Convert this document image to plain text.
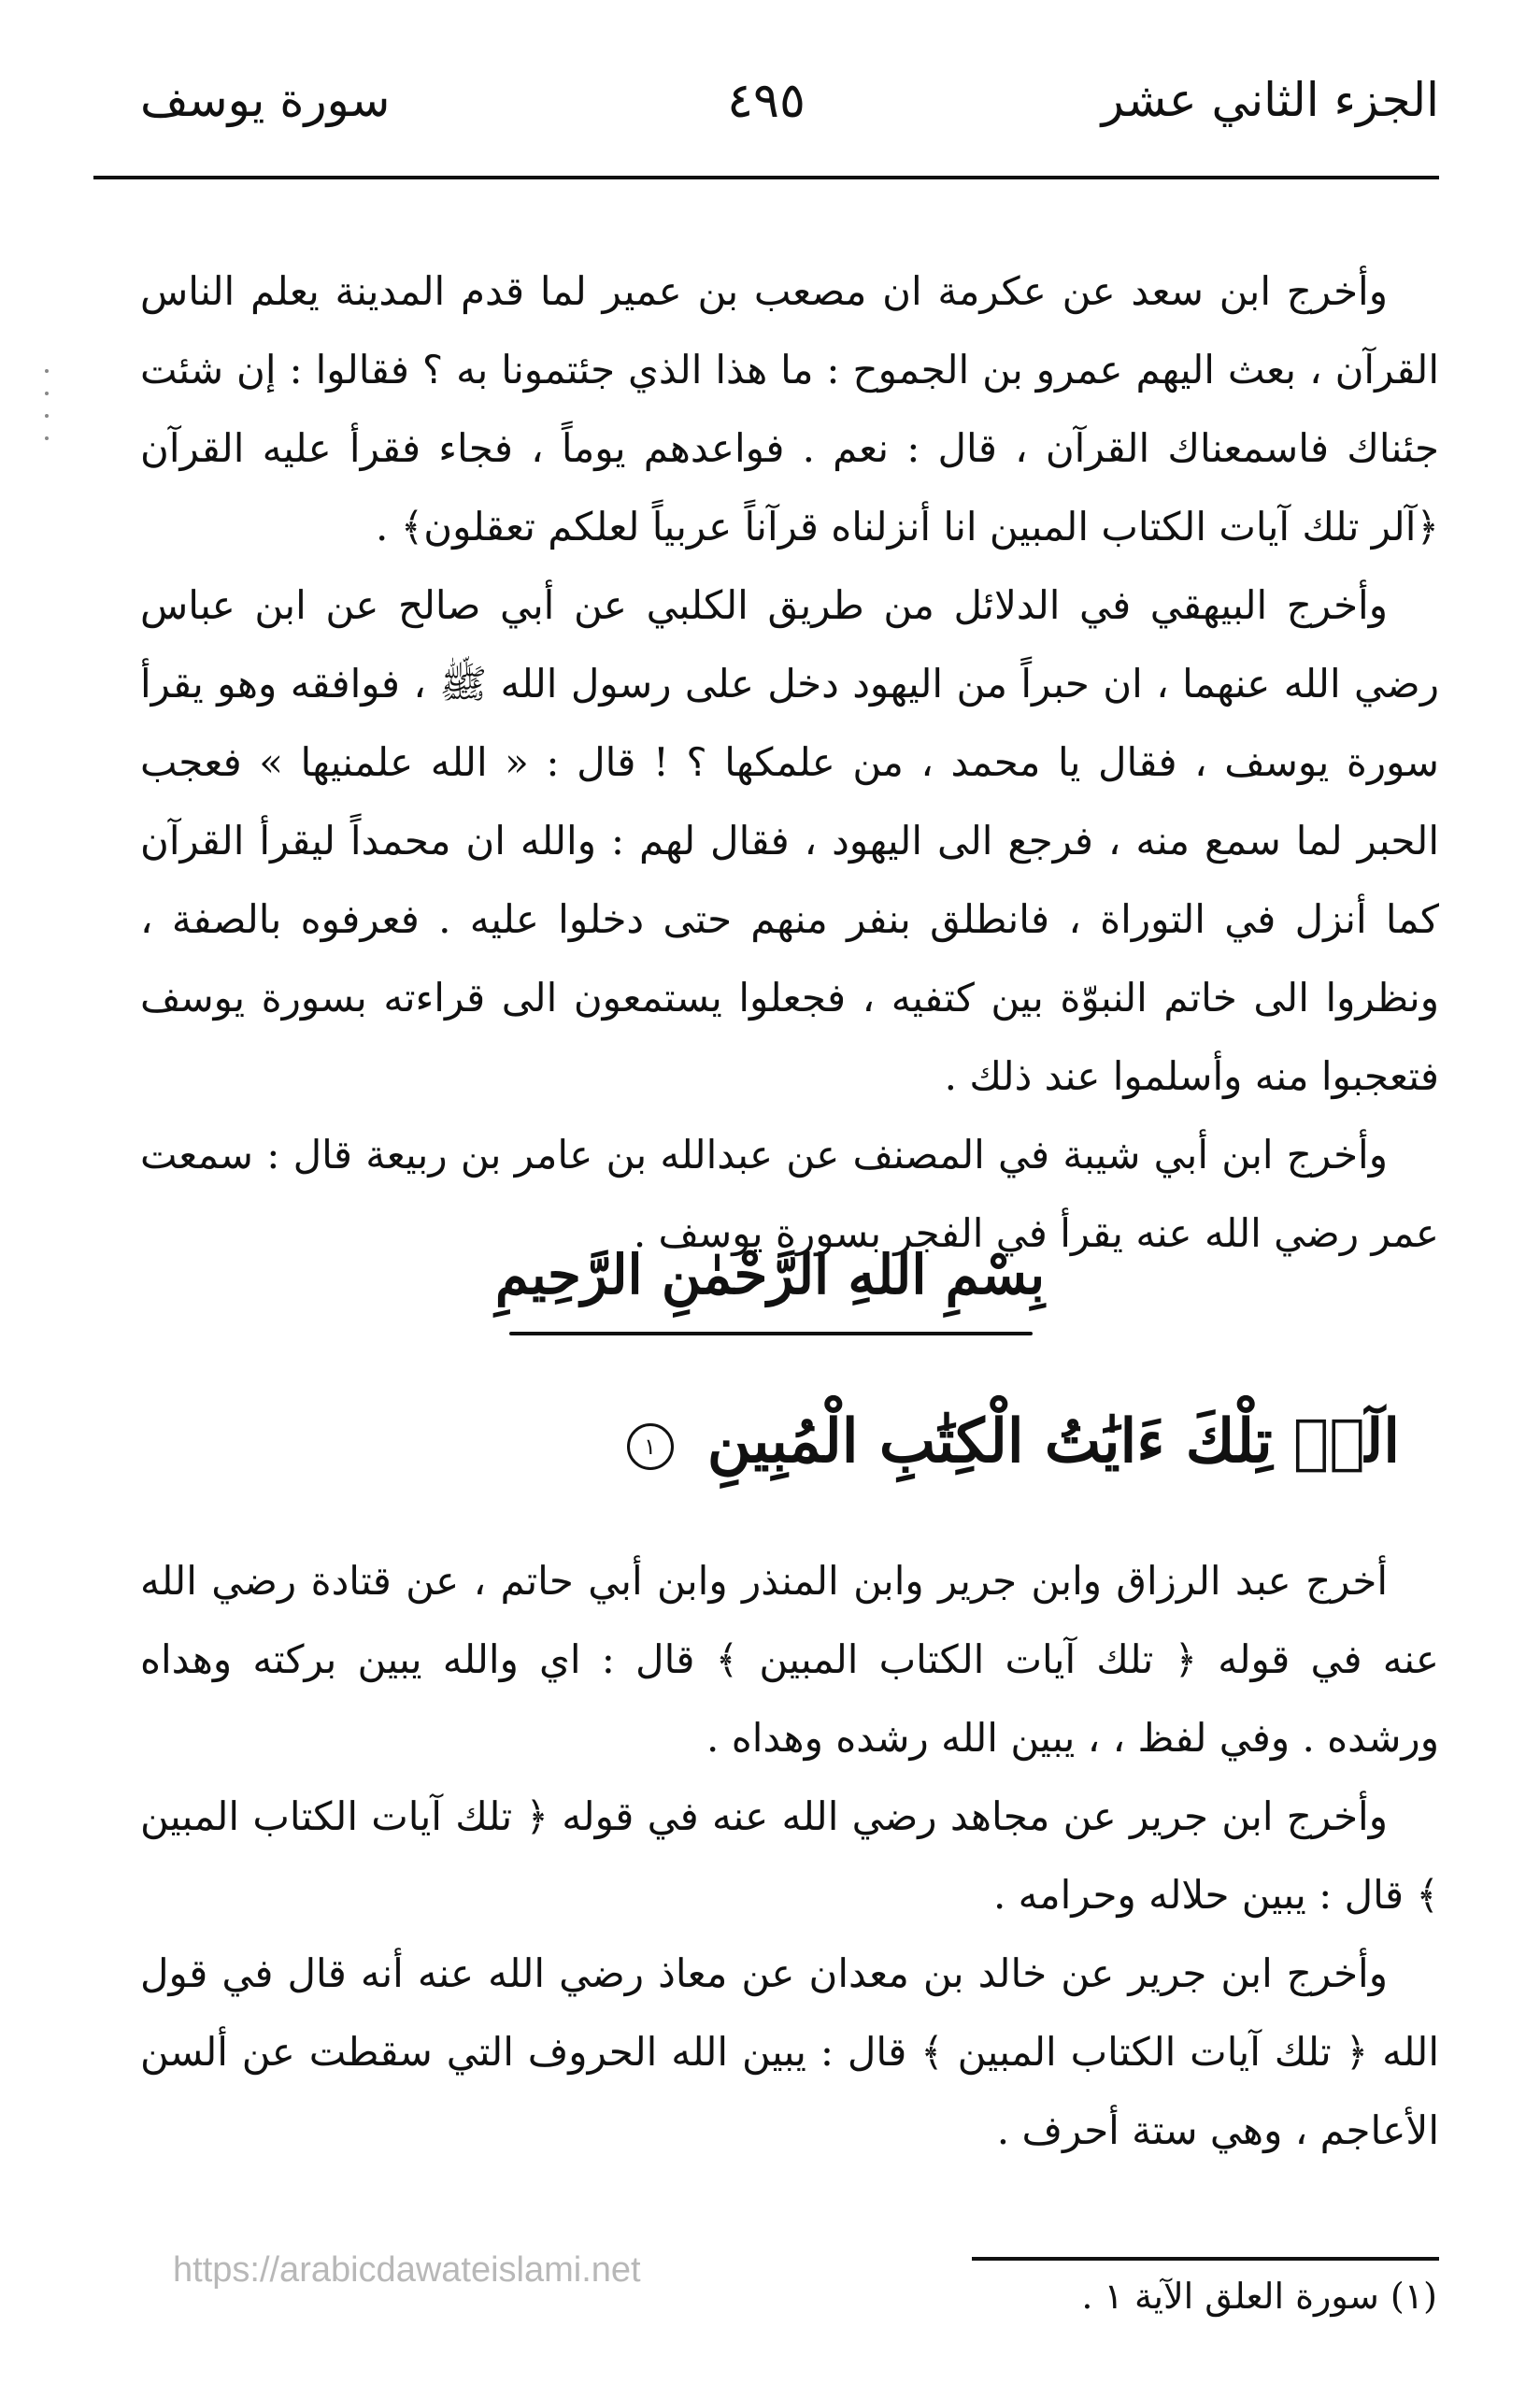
الجزء الثاني عشر
٤٩٥
سورة يوسف

وأخرج ابن سعد عن عكرمة ان مصعب بن عمير لما قدم المدينة يعلم الناس القرآن ، بعث اليهم عمرو بن الجموح : ما هذا الذي جئتمونا به ؟ فقالوا : إن شئت جئناك فاسمعناك القرآن ، قال : نعم . فواعدهم يوماً ، فجاء فقرأ عليه القرآن ﴿آلر تلك آيات الكتاب المبين انا أنزلناه قرآناً عربياً لعلكم تعقلون﴾ .

وأخرج البيهقي في الدلائل من طريق الكلبي عن أبي صالح عن ابن عباس رضي الله عنهما ، ان حبراً من اليهود دخل على رسول الله ﷺ ، فوافقه وهو يقرأ سورة يوسف ، فقال يا محمد ، من علمكها ؟ ! قال : « الله علمنيها » فعجب الحبر لما سمع منه ، فرجع الى اليهود ، فقال لهم : والله ان محمداً ليقرأ القرآن كما أنزل في التوراة ، فانطلق بنفر منهم حتى دخلوا عليه . فعرفوه بالصفة ، ونظروا الى خاتم النبوّة بين كتفيه ، فجعلوا يستمعون الى قراءته بسورة يوسف فتعجبوا منه وأسلموا عند ذلك .

وأخرج ابن أبي شيبة في المصنف عن عبدالله بن عامر بن ربيعة قال : سمعت عمر رضي الله عنه يقرأ في الفجر بسورة يوسف .

بِسْمِ اللهِ الرَّحْمٰنِ الرَّحِيمِ
الٓرۚ تِلْكَ ءَايَٰتُ الْكِتَٰبِ الْمُبِينِ ١

أخرج عبد الرزاق وابن جرير وابن المنذر وابن أبي حاتم ، عن قتادة رضي الله عنه في قوله ﴿ تلك آيات الكتاب المبين ﴾ قال : اي والله يبين بركته وهداه ورشده . وفي لفظ ، ، يبين الله رشده وهداه .

وأخرج ابن جرير عن مجاهد رضي الله عنه في قوله ﴿ تلك آيات الكتاب المبين ﴾ قال : يبين حلاله وحرامه .

وأخرج ابن جرير عن خالد بن معدان عن معاذ رضي الله عنه أنه قال في قول الله ﴿ تلك آيات الكتاب المبين ﴾ قال : يبين الله الحروف التي سقطت عن ألسن الأعاجم ، وهي ستة أحرف .

https://arabicdawateislami.net
(١) سورة العلق الآية ١ .
